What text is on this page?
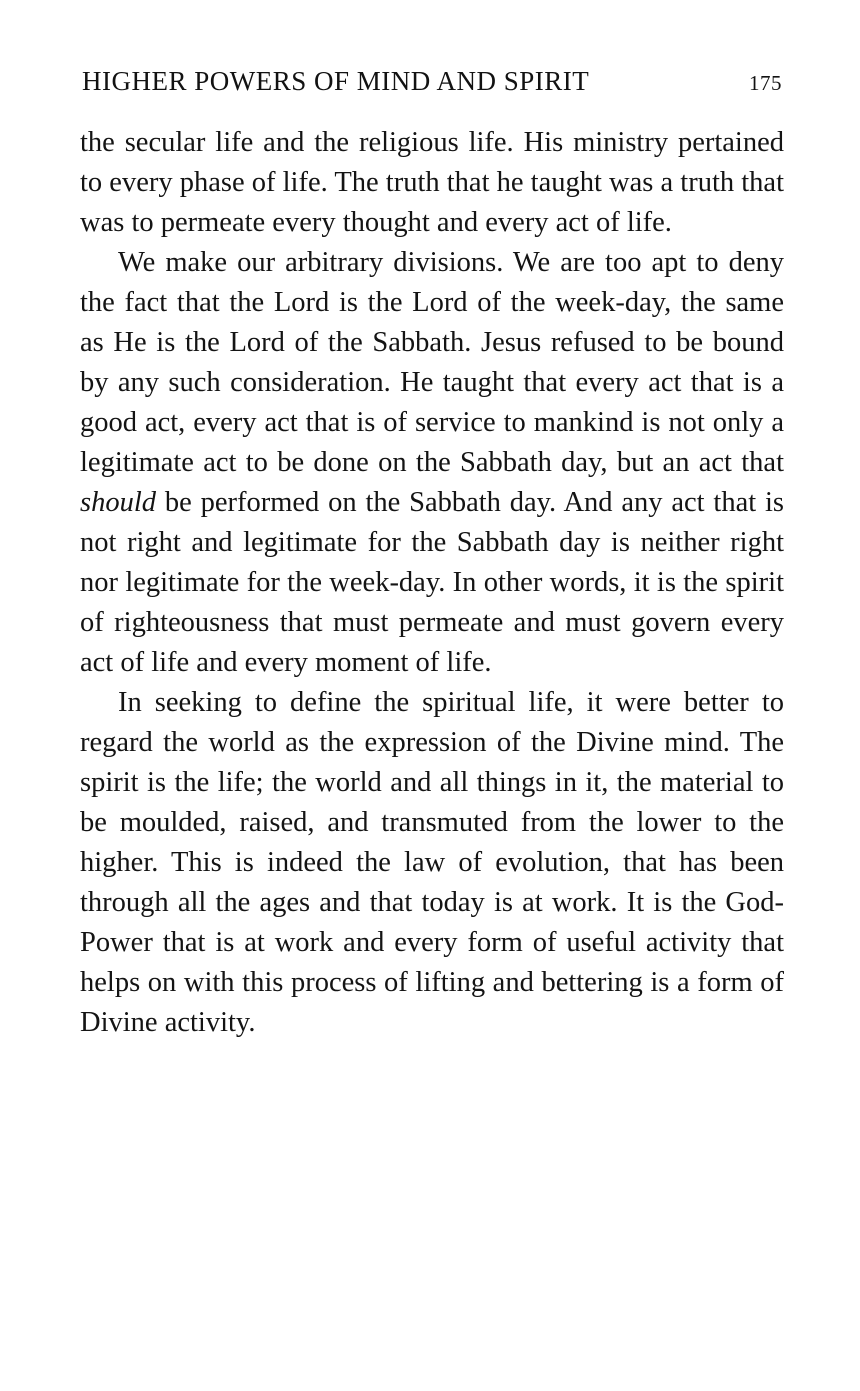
HIGHER POWERS OF MIND AND SPIRIT	175

the secular life and the religious life. His ministry pertained to every phase of life. The truth that he taught was a truth that was to permeate every thought and every act of life.

We make our arbitrary divisions. We are too apt to deny the fact that the Lord is the Lord of the week-day, the same as He is the Lord of the Sabbath. Jesus refused to be bound by any such consideration. He taught that every act that is a good act, every act that is of service to mankind is not only a legitimate act to be done on the Sabbath day, but an act that should be performed on the Sabbath day. And any act that is not right and legitimate for the Sabbath day is neither right nor legitimate for the week-day. In other words, it is the spirit of righteousness that must permeate and must govern every act of life and every moment of life.

In seeking to define the spiritual life, it were better to regard the world as the expression of the Divine mind. The spirit is the life; the world and all things in it, the material to be moulded, raised, and transmuted from the lower to the higher. This is indeed the law of evolution, that has been through all the ages and that today is at work. It is the God-Power that is at work and every form of useful activity that helps on with this process of lifting and bettering is a form of Divine activity.
